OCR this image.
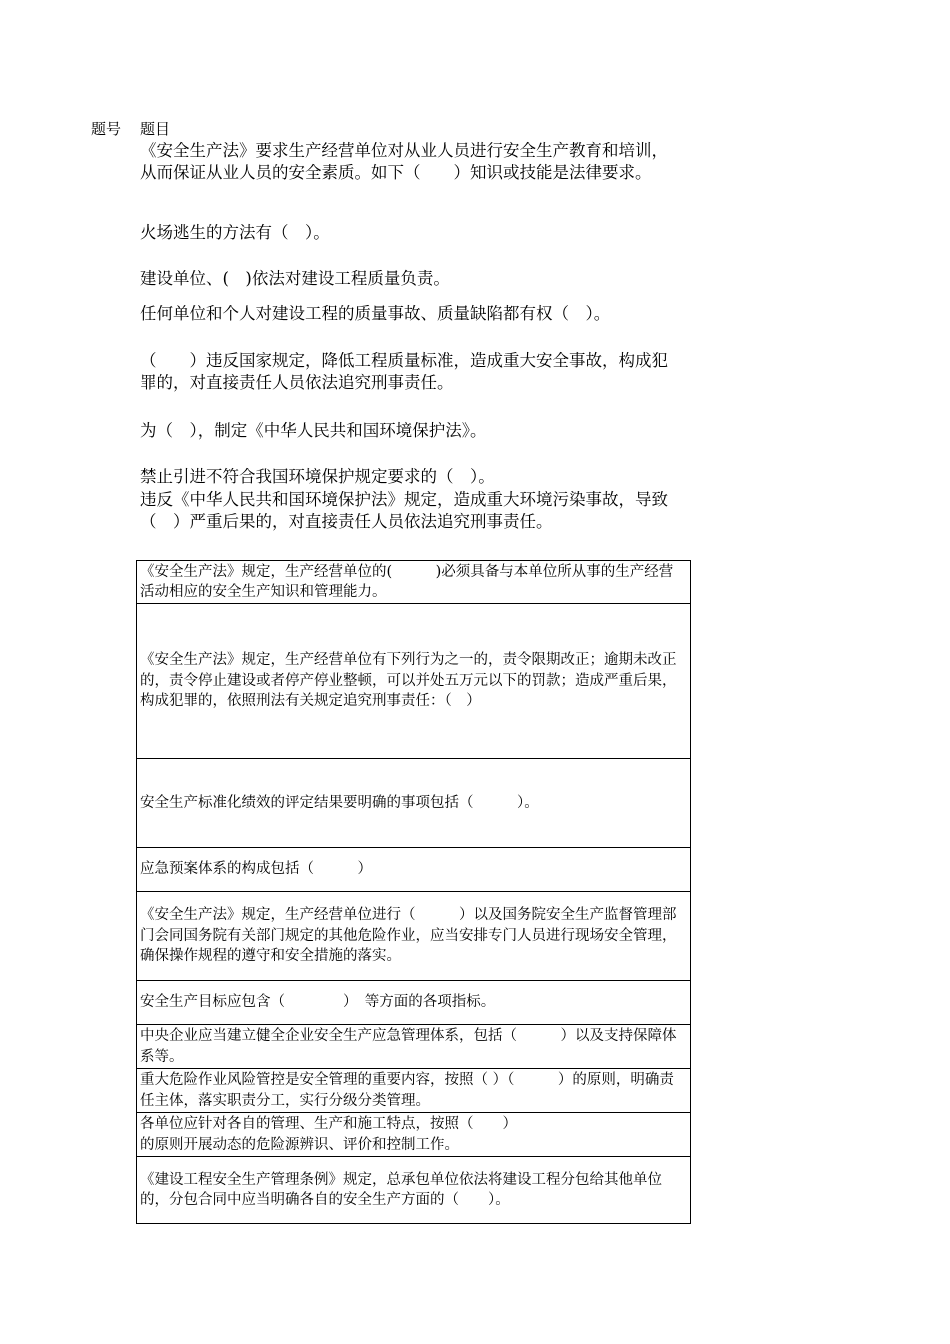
题号 题目
《安全生产法》要求生产经营单位对从业人员进行安全生产教育和培训，从而保证从业人员的安全素质。如下（　　）知识或技能是法律要求。
火场逃生的方法有（　）。
建设单位、(　)依法对建设工程质量负责。
任何单位和个人对建设工程的质量事故、质量缺陷都有权（　）。
（　　）违反国家规定，降低工程质量标准，造成重大安全事故，构成犯罪的，对直接责任人员依法追究刑事责任。
为（　），制定《中华人民共和国环境保护法》。
禁止引进不符合我国环境保护规定要求的（　）。
违反《中华人民共和国环境保护法》规定，造成重大环境污染事故，导致（　）严重后果的，对直接责任人员依法追究刑事责任。
《安全生产法》规定，生产经营单位的(　　　)必须具备与本单位所从事的生产经营活动相应的安全生产知识和管理能力。
《安全生产法》规定，生产经营单位有下列行为之一的，责令限期改正；逾期未改正的，责令停止建设或者停产停业整顿，可以并处五万元以下的罚款；造成严重后果，构成犯罪的，依照刑法有关规定追究刑事责任：（　）
安全生产标准化绩效的评定结果要明确的事项包括（　　　）。
应急预案体系的构成包括（　　　）
《安全生产法》规定，生产经营单位进行（　　　）以及国务院安全生产监督管理部门会同国务院有关部门规定的其他危险作业，应当安排专门人员进行现场安全管理，确保操作规程的遵守和安全措施的落实。
安全生产目标应包含（　　　　）　等方面的各项指标。
中央企业应当建立健全企业安全生产应急管理体系，包括（　　　）以及支持保障体系等。
重大危险作业风险管控是安全管理的重要内容，按照（ ）（　　　）的原则，明确责任主体，落实职责分工，实行分级分类管理。
各单位应针对各自的管理、生产和施工特点，按照（　　）
的原则开展动态的危险源辨识、评价和控制工作。
《建设工程安全生产管理条例》规定，总承包单位依法将建设工程分包给其他单位的，分包合同中应当明确各自的安全生产方面的（　　）。
